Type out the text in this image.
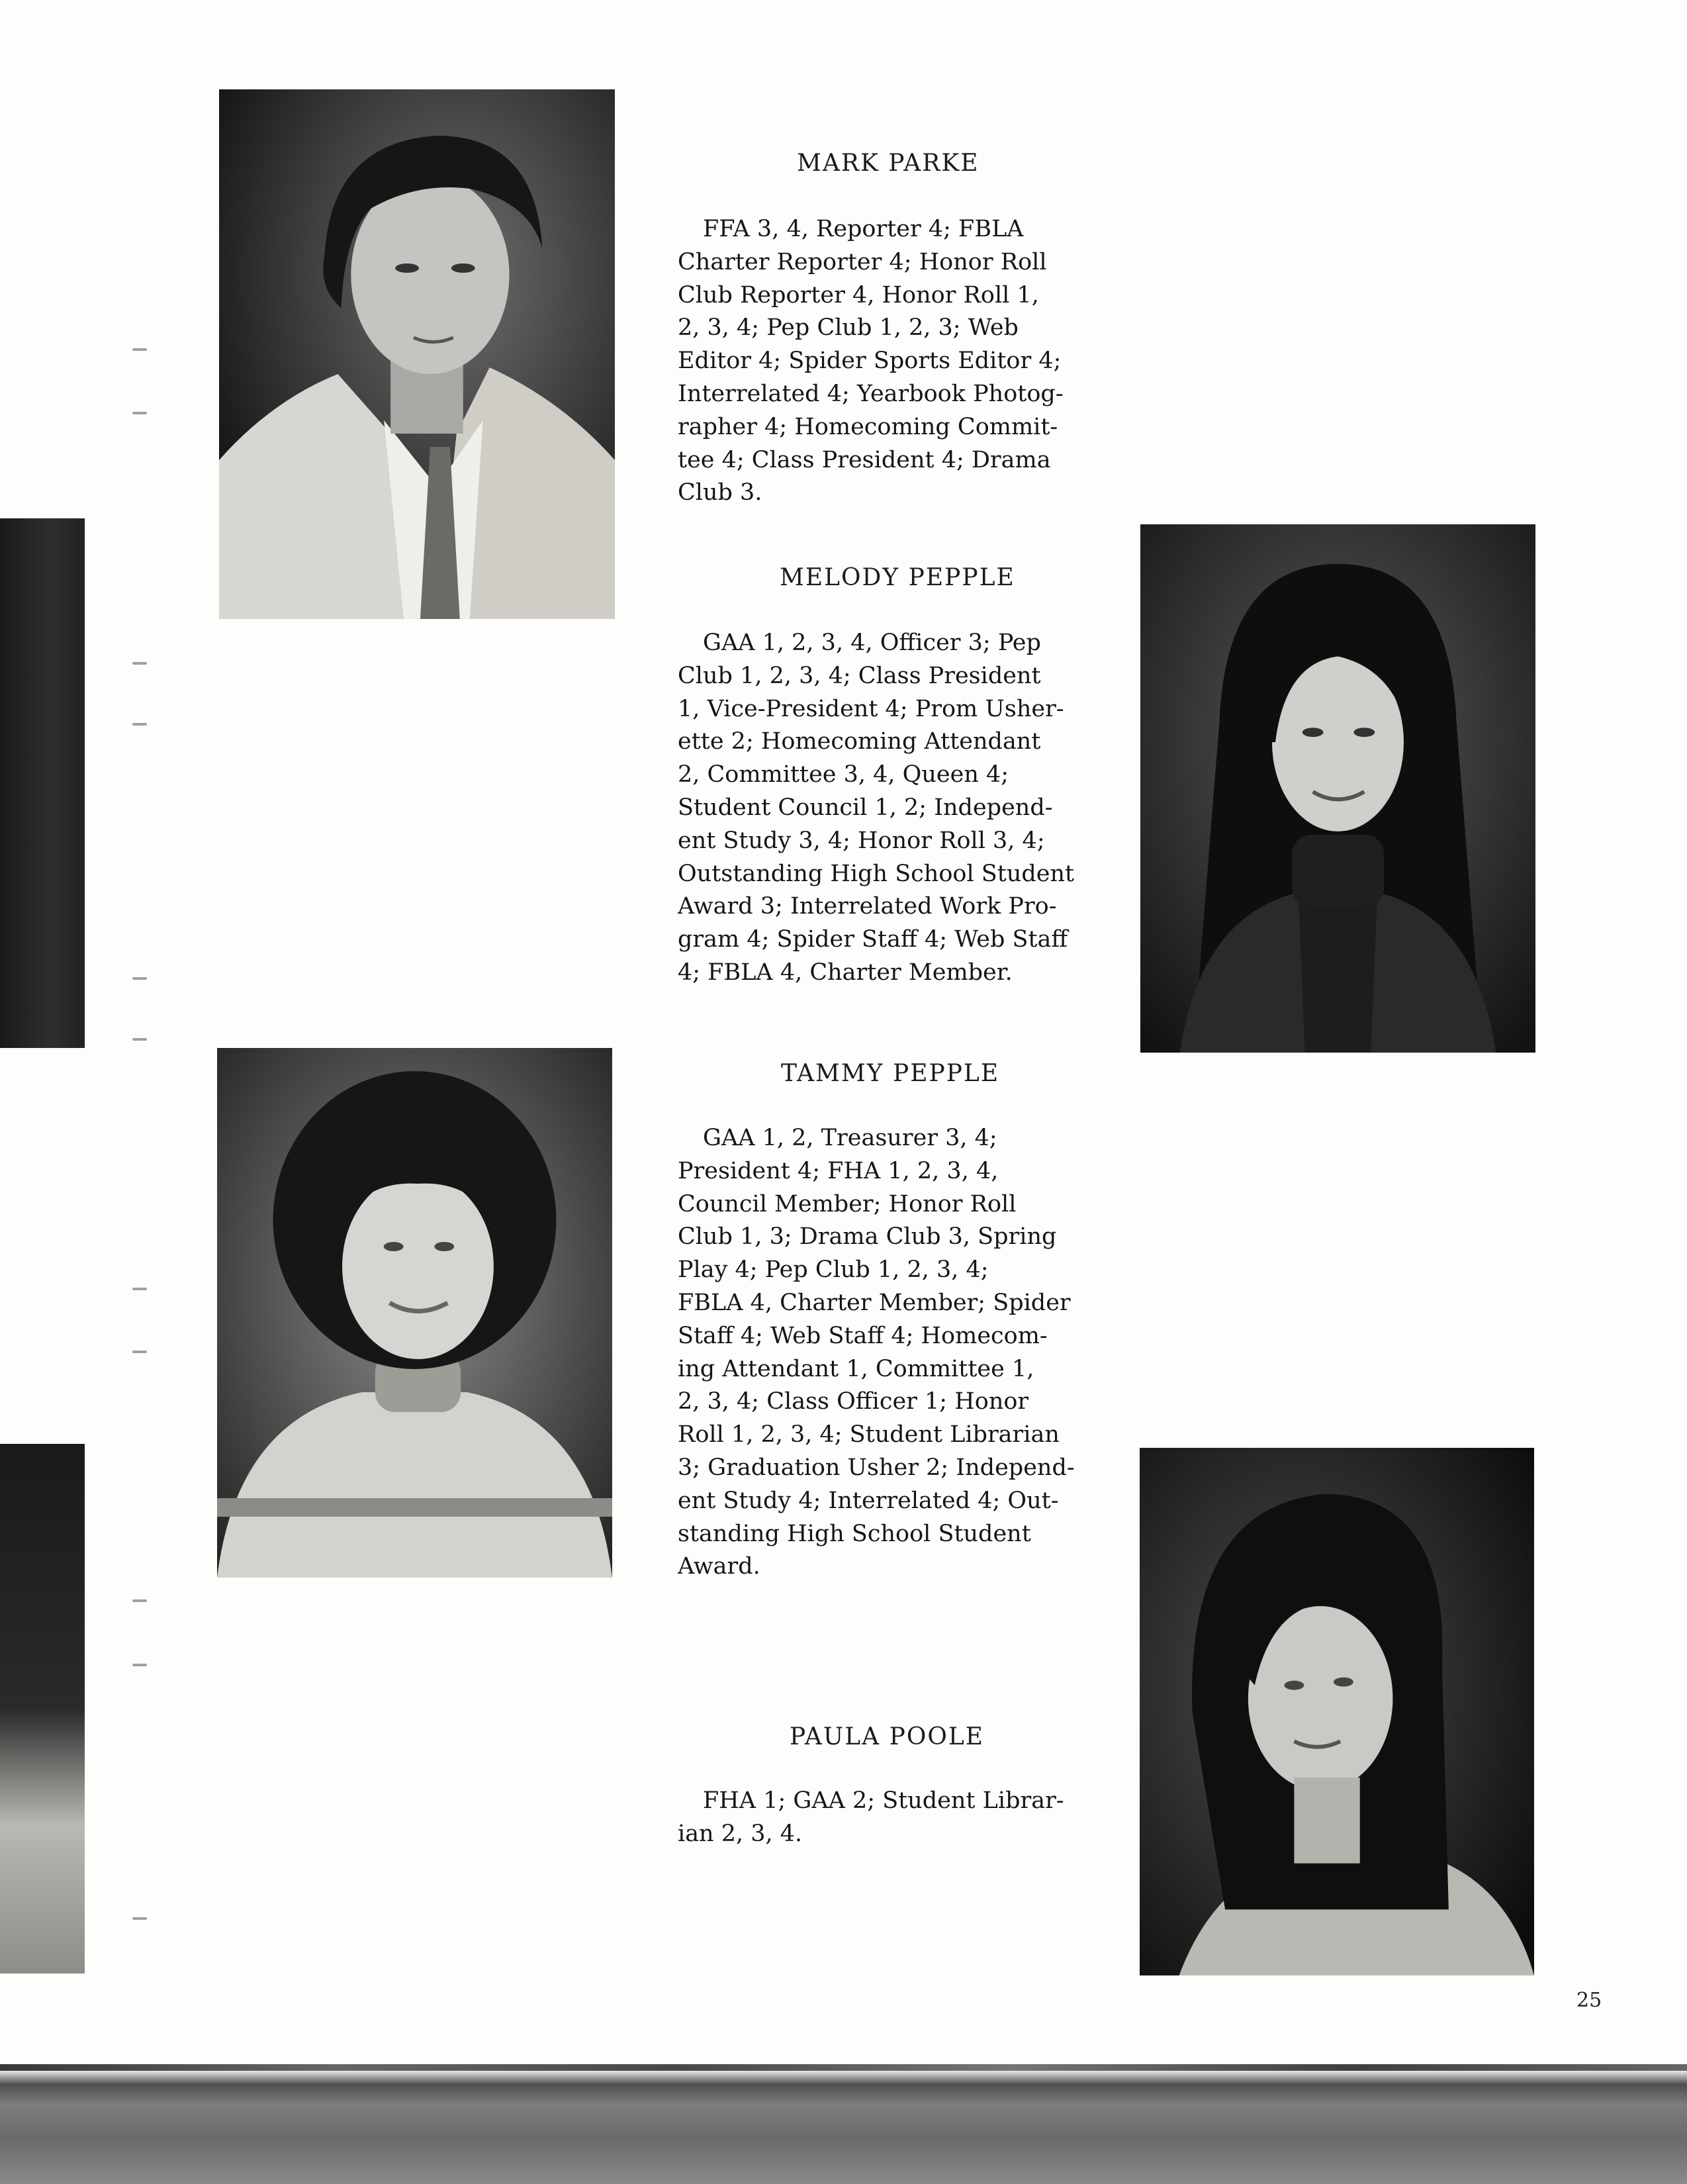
MARK PARKE
FFA 3, 4, Reporter 4; FBLA
Charter Reporter 4; Honor Roll
Club Reporter 4, Honor Roll 1,
2, 3, 4; Pep Club 1, 2, 3; Web
Editor 4; Spider Sports Editor 4;
Interrelated 4; Yearbook Photog-
rapher 4; Homecoming Commit-
tee 4; Class President 4; Drama
Club 3.
MELODY PEPPLE
GAA 1, 2, 3, 4, Officer 3; Pep
Club 1, 2, 3, 4; Class President
1, Vice-President 4; Prom Usher-
ette 2; Homecoming Attendant
2, Committee 3, 4, Queen 4;
Student Council 1, 2; Independ-
ent Study 3, 4; Honor Roll 3, 4;
Outstanding High School Student
Award 3; Interrelated Work Pro-
gram 4; Spider Staff 4; Web Staff
4; FBLA 4, Charter Member.
TAMMY PEPPLE
GAA 1, 2, Treasurer 3, 4;
President 4; FHA 1, 2, 3, 4,
Council Member; Honor Roll
Club 1, 3; Drama Club 3, Spring
Play 4; Pep Club 1, 2, 3, 4;
FBLA 4, Charter Member; Spider
Staff 4; Web Staff 4; Homecom-
ing Attendant 1, Committee 1,
2, 3, 4; Class Officer 1; Honor
Roll 1, 2, 3, 4; Student Librarian
3; Graduation Usher 2; Independ-
ent Study 4; Interrelated 4; Out-
standing High School Student
Award.
PAULA POOLE
FHA 1; GAA 2; Student Librar-
ian 2, 3, 4.
25
